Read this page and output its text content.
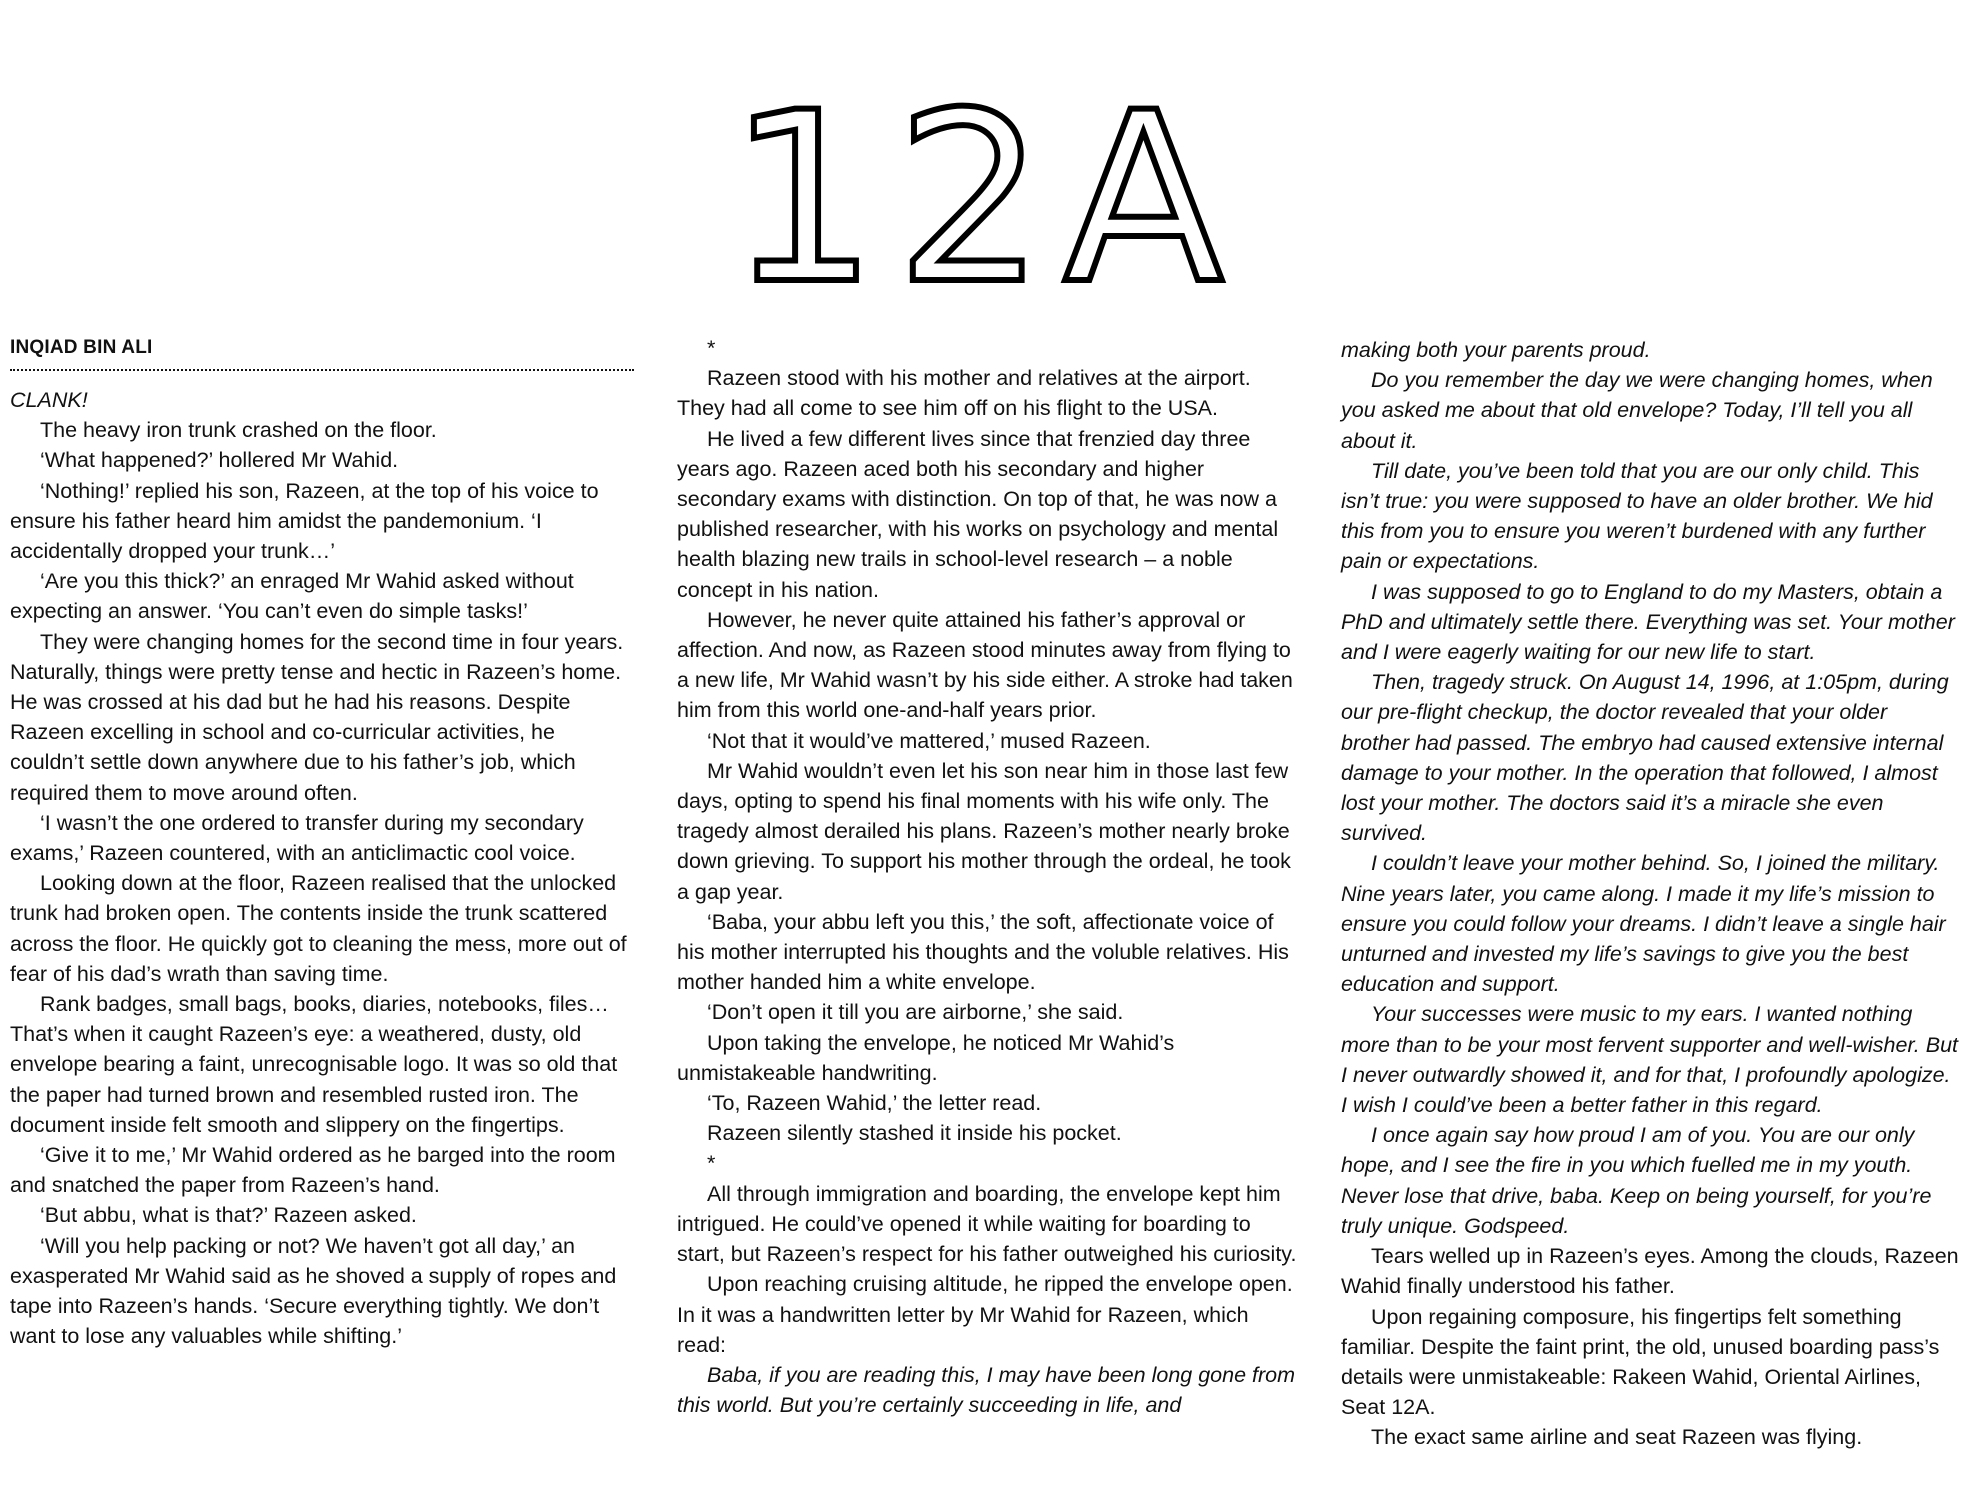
12A
INQIAD BIN ALI

CLANK!

The heavy iron trunk crashed on the floor.

‘What happened?’ hollered Mr Wahid.

‘Nothing!’ replied his son, Razeen, at the top of his voice to ensure his father heard him amidst the pandemonium. ‘I accidentally dropped your trunk…’

‘Are you this thick?’ an enraged Mr Wahid asked without expecting an answer. ‘You can’t even do simple tasks!’

They were changing homes for the second time in four years. Naturally, things were pretty tense and hectic in Razeen’s home. He was crossed at his dad but he had his reasons. Despite Razeen excelling in school and co-curricular activities, he couldn’t settle down anywhere due to his father’s job, which required them to move around often.

‘I wasn’t the one ordered to transfer during my secondary exams,’ Razeen countered, with an anticlimactic cool voice.

Looking down at the floor, Razeen realised that the unlocked trunk had broken open. The contents inside the trunk scattered across the floor. He quickly got to cleaning the mess, more out of fear of his dad’s wrath than saving time.

Rank badges, small bags, books, diaries, notebooks, files… That’s when it caught Razeen’s eye: a weathered, dusty, old envelope bearing a faint, unrecognisable logo. It was so old that the paper had turned brown and resembled rusted iron. The document inside felt smooth and slippery on the fingertips.

‘Give it to me,’ Mr Wahid ordered as he barged into the room and snatched the paper from Razeen’s hand.

‘But abbu, what is that?’ Razeen asked.

‘Will you help packing or not? We haven’t got all day,’ an exasperated Mr Wahid said as he shoved a supply of ropes and tape into Razeen’s hands. ‘Secure everything tightly. We don’t want to lose any valuables while shifting.’

*

Razeen stood with his mother and relatives at the airport. They had all come to see him off on his flight to the USA.

He lived a few different lives since that frenzied day three years ago. Razeen aced both his secondary and higher secondary exams with distinction. On top of that, he was now a published researcher, with his works on psychology and mental health blazing new trails in school-level research – a noble concept in his nation.

However, he never quite attained his father’s approval or affection. And now, as Razeen stood minutes away from flying to a new life, Mr Wahid wasn’t by his side either. A stroke had taken him from this world one-and-half years prior.

‘Not that it would’ve mattered,’ mused Razeen.

Mr Wahid wouldn’t even let his son near him in those last few days, opting to spend his final moments with his wife only. The tragedy almost derailed his plans. Razeen’s mother nearly broke down grieving. To support his mother through the ordeal, he took a gap year.

‘Baba, your abbu left you this,’ the soft, affectionate voice of his mother interrupted his thoughts and the voluble relatives. His mother handed him a white envelope.

‘Don’t open it till you are airborne,’ she said.

Upon taking the envelope, he noticed Mr Wahid’s unmistakeable handwriting.

‘To, Razeen Wahid,’ the letter read.

Razeen silently stashed it inside his pocket.

*

All through immigration and boarding, the envelope kept him intrigued. He could’ve opened it while waiting for boarding to start, but Razeen’s respect for his father outweighed his curiosity.

Upon reaching cruising altitude, he ripped the envelope open. In it was a handwritten letter by Mr Wahid for Razeen, which read:

Baba, if you are reading this, I may have been long gone from this world. But you’re certainly succeeding in life, and

making both your parents proud.

Do you remember the day we were changing homes, when you asked me about that old envelope? Today, I’ll tell you all about it.

Till date, you’ve been told that you are our only child. This isn’t true: you were supposed to have an older brother. We hid this from you to ensure you weren’t burdened with any further pain or expectations.

I was supposed to go to England to do my Masters, obtain a PhD and ultimately settle there. Everything was set. Your mother and I were eagerly waiting for our new life to start.

Then, tragedy struck. On August 14, 1996, at 1:05pm, during our pre-flight checkup, the doctor revealed that your older brother had passed. The embryo had caused extensive internal damage to your mother. In the operation that followed, I almost lost your mother. The doctors said it’s a miracle she even survived.

I couldn’t leave your mother behind. So, I joined the military. Nine years later, you came along. I made it my life’s mission to ensure you could follow your dreams. I didn’t leave a single hair unturned and invested my life’s savings to give you the best education and support.

Your successes were music to my ears. I wanted nothing more than to be your most fervent supporter and well-wisher. But I never outwardly showed it, and for that, I profoundly apologize. I wish I could’ve been a better father in this regard.

I once again say how proud I am of you. You are our only hope, and I see the fire in you which fuelled me in my youth. Never lose that drive, baba. Keep on being yourself, for you’re truly unique. Godspeed.

Tears welled up in Razeen’s eyes. Among the clouds, Razeen Wahid finally understood his father.

Upon regaining composure, his fingertips felt something familiar. Despite the faint print, the old, unused boarding pass’s details were unmistakeable: Rakeen Wahid, Oriental Airlines, Seat 12A.

The exact same airline and seat Razeen was flying.
